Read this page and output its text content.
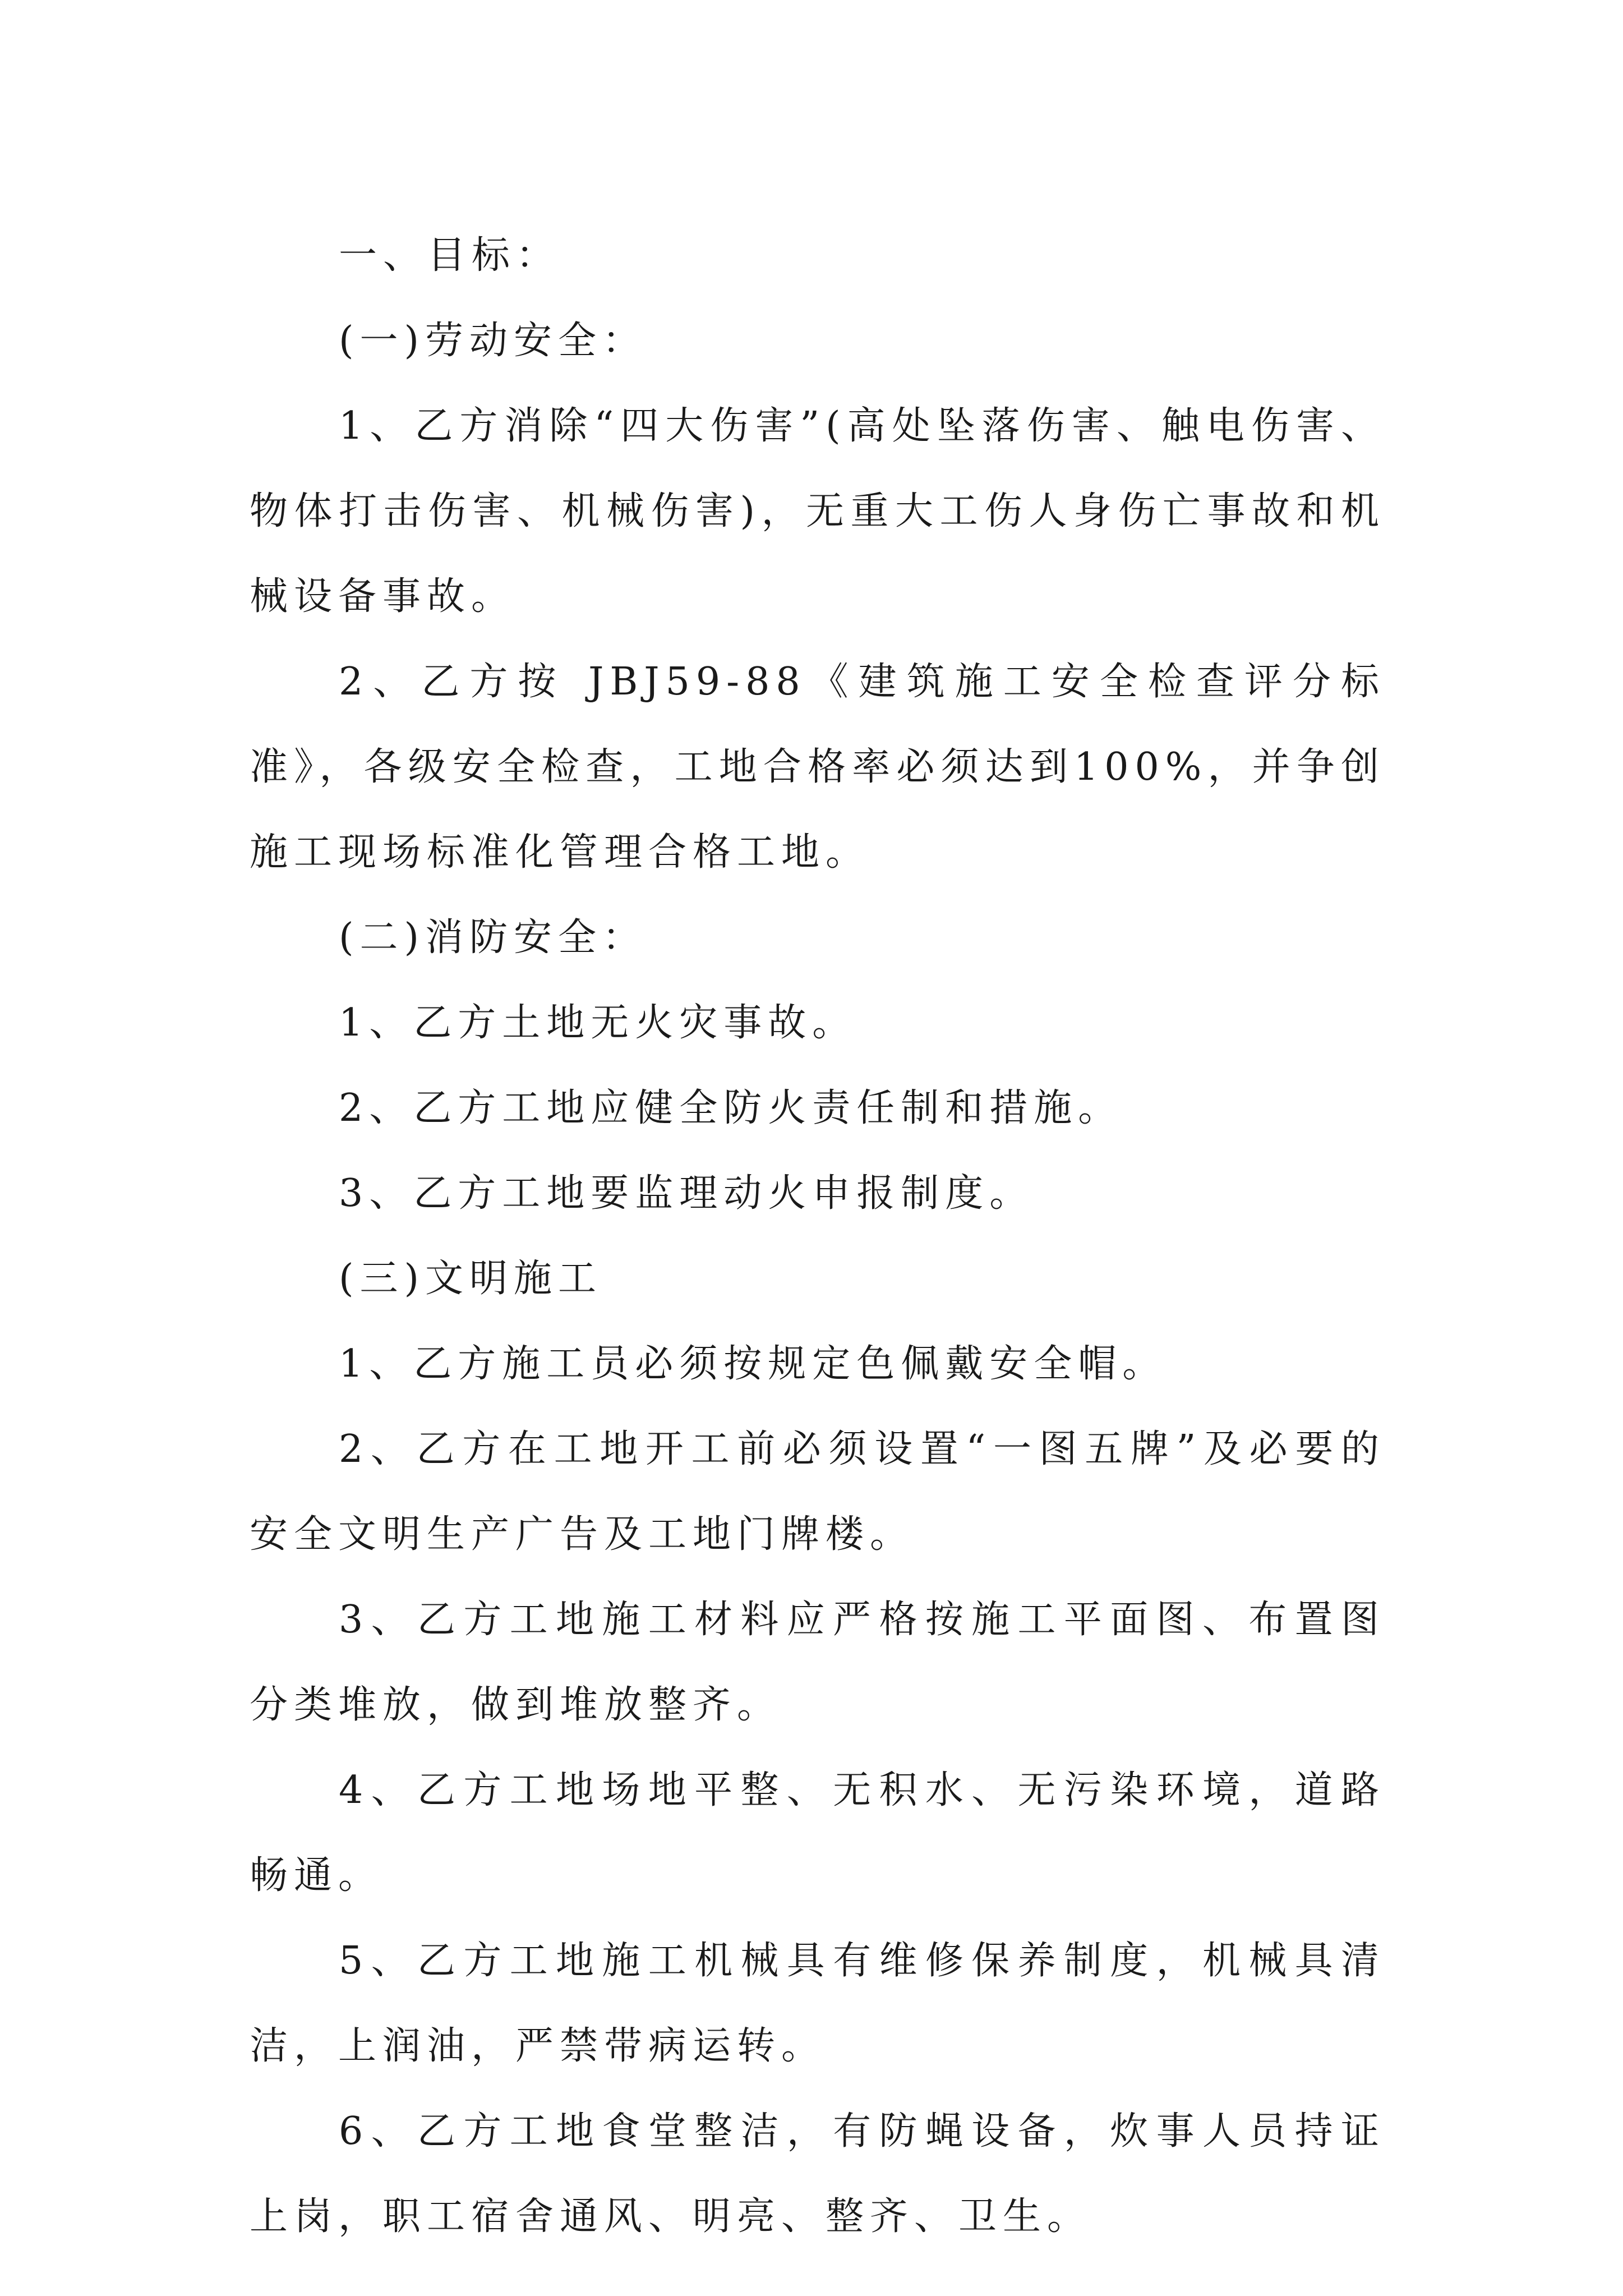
一、目标：

(一)劳动安全：

1、乙方消除“四大伤害”(高处坠落伤害、触电伤害、物体打击伤害、机械伤害)，无重大工伤人身伤亡事故和机械设备事故。

2、乙方按 JBJ59-88《建筑施工安全检查评分标准》，各级安全检查，工地合格率必须达到100%，并争创施工现场标准化管理合格工地。

(二)消防安全：

1、乙方土地无火灾事故。

2、乙方工地应健全防火责任制和措施。

3、乙方工地要监理动火申报制度。

(三)文明施工

1、乙方施工员必须按规定色佩戴安全帽。

2、乙方在工地开工前必须设置“一图五牌”及必要的安全文明生产广告及工地门牌楼。

3、乙方工地施工材料应严格按施工平面图、布置图分类堆放，做到堆放整齐。

4、乙方工地场地平整、无积水、无污染环境，道路畅通。

5、乙方工地施工机械具有维修保养制度，机械具清洁，上润油，严禁带病运转。

6、乙方工地食堂整洁，有防蝇设备，炊事人员持证上岗，职工宿舍通风、明亮、整齐、卫生。
